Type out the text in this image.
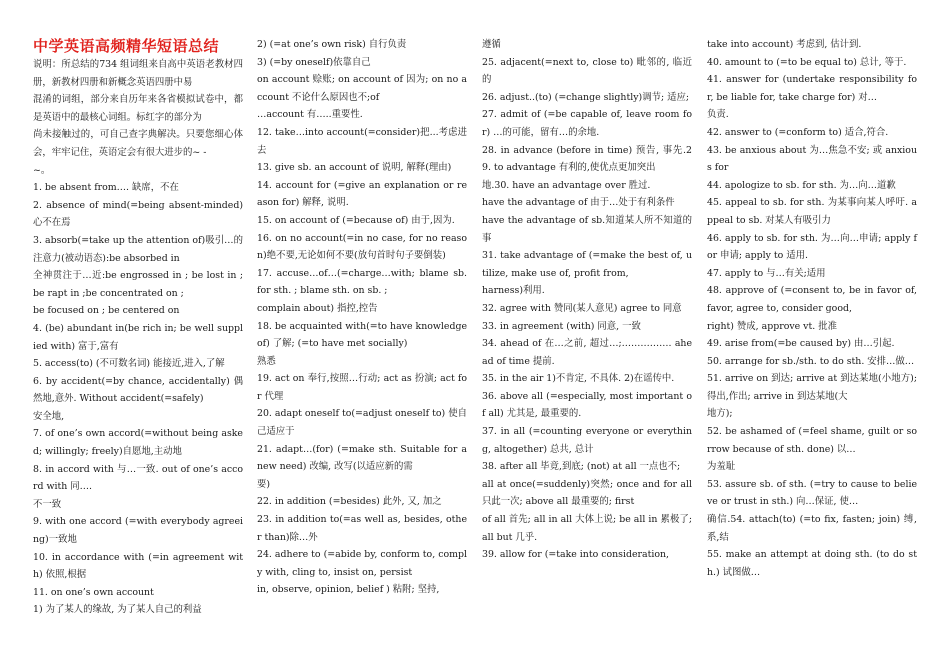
中学英语高频精华短语总结

说明：所总结的734 组词组来自高中英语老教材四册，新教材四册和新概念英语四册中易

混淆的词组，部分来自历年来各省模拟试卷中，都是英语中的最核心词组。标红字的部分为

尚未接触过的，可自己查字典解决。只要您细心体会，牢牢记住，英语定会有很大进步的~ -

~。

1. be absent from…. 缺席，不在

2. absence of mind(=being absent-minded)心不在焉

3. absorb(=take up the attention of)吸引…的注意力(被动语态):be absorbed in

全神贯注于…近:be engrossed in ; be lost in ; be rapt in ;be concentrated on ;

be focused on ; be centered on

4. (be) abundant in(be rich in; be well supplied with) 富于,富有

5. access(to) (不可数名词) 能接近,进入,了解

6. by accident(=by chance, accidentally) 偶然地,意外. Without accident(=safely)

安全地,

7. of one’s own accord(=without being asked; willingly; freely)自愿地,主动地

8. in accord with 与…一致. out of one’s accord with 同….

不一致

9. with one accord (=with everybody agreeing)一致地

10. in accordance with (=in agreement with) 依照,根据

11. on one’s own account

1) 为了某人的缘故, 为了某人自己的利益

2) (=at one’s own risk) 自行负责

3) (=by oneself)依靠自己

on account 赊账; on account of 因为; on no account 不论什么原因也不;of

…account 有…..重要性.

12. take…into account(=consider)把...考虑进去

13. give sb. an account of 说明, 解释(理由)

14. account for (=give an explanation or reason for) 解释, 说明.

15. on account of (=because of) 由于,因为.

16. on no account(=in no case, for no reason)绝不要,无论如何不要(放句首时句子要倒装)

17. accuse…of…(=charge…with; blame sb. for sth. ; blame sth. on sb. ;

complain about) 指控,控告

18. be acquainted with(=to have knowledge of) 了解; (=to have met socially)

熟悉

19. act on 奉行,按照…行动; act as 扮演; act for 代理

20. adapt oneself to(=adjust oneself to) 使自己适应于

21. adapt…(for) (=make sth. Suitable for a new need) 改编, 改写(以适应新的需

要)

22. in addition (=besides) 此外, 又, 加之

23. in addition to(=as well as, besides, other than)除…外

24. adhere to (=abide by, conform to, comply with, cling to, insist on, persist

in, observe, opinion, belief ) 粘附; 坚持,

遵循

25. adjacent(=next to, close to) 毗邻的, 临近的

26. adjust..(to) (=change slightly)调节; 适应;

27. admit of (=be capable of, leave room for) …的可能，留有…的余地.

28. in advance (before in time) 预告, 事先.29. to advantage 有利的,使优点更加突出

地.30. have an advantage over 胜过.

have the advantage of 由于…处于有利条件

have the advantage of sb.知道某人所不知道的事

31. take advantage of (=make the best of, utilize, make use of, profit from,

harness)利用.

32. agree with 赞同(某人意见) agree to 同意

33. in agreement (with) 同意, 一致

34. ahead of 在…之前, 超过…;……………. ahead of time 提前.

35. in the air 1)不肯定, 不具体. 2)在谣传中.

36. above all (=especially, most important of all) 尤其是, 最重要的.

37. in all (=counting everyone or everything, altogether) 总共, 总计

38. after all 毕竟,到底; (not) at all 一点也不;

all at once(=suddenly)突然; once and for all 只此一次; above all 最重要的; first

of all 首先; all in all 大体上说; be all in 累极了; all but 几乎.

39. allow for (=take into consideration,

take into account) 考虑到, 估计到.

40. amount to (=to be equal to) 总计, 等于.

41. answer for (undertake responsibility for, be liable for, take charge for) 对…

负责.

42. answer to (=conform to) 适合,符合.

43. be anxious about 为…焦急不安; 或 anxious for

44. apologize to sb. for sth. 为…向…道歉

45. appeal to sb. for sth. 为某事向某人呼吁. appeal to sb. 对某人有吸引力

46. apply to sb. for sth. 为…向…申请; apply for 申请; apply to 适用.

47. apply to 与…有关;适用

48. approve of (=consent to, be in favor of, favor, agree to, consider good,

right) 赞成, approve vt. 批准

49. arise from(=be caused by) 由…引起.

50. arrange for sb./sth. to do sth. 安排…做…

51. arrive on 到达; arrive at 到达某地(小地方);得出,作出; arrive in 到达某地(大

地方);

52. be ashamed of (=feel shame, guilt or sorrow because of sth. done) 以…

为羞耻

53. assure sb. of sth. (=try to cause to believe or trust in sth.) 向…保证, 使…

确信.54. attach(to) (=to fix, fasten; join) 缚, 系,结

55. make an attempt at doing sth. (to do sth.) 试图做…
